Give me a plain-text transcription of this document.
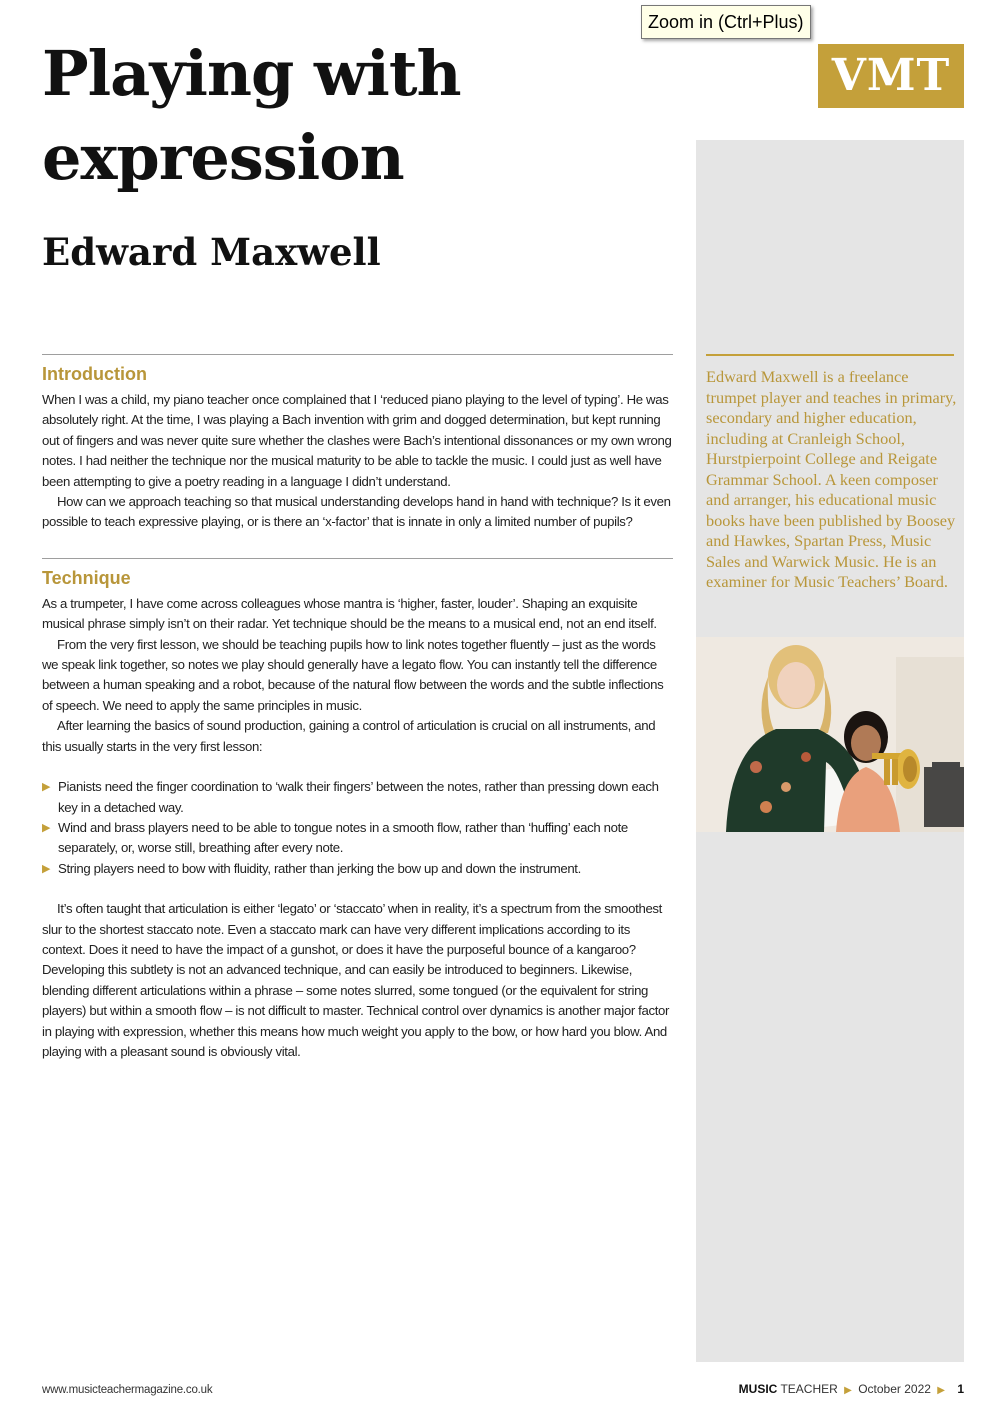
Zoom in (Ctrl+Plus)
Playing with expression
Edward Maxwell
VMT

Edward Maxwell is a freelance trumpet player and teaches in primary, secondary and higher education, including at Cranleigh School, Hurstpierpoint College and Reigate Grammar School. A keen composer and arranger, his educational music books have been published by Boosey and Hawkes, Spartan Press, Music Sales and Warwick Music. He is an examiner for Music Teachers’ Board.

Introduction

When I was a child, my piano teacher once complained that I ‘reduced piano playing to the level of typing’. He was absolutely right. At the time, I was playing a Bach invention with grim and dogged determination, but kept running out of fingers and was never quite sure whether the clashes were Bach’s intentional dissonances or my own wrong notes. I had neither the technique nor the musical maturity to be able to tackle the music. I could just as well have been attempting to give a poetry reading in a language I didn’t understand.

How can we approach teaching so that musical understanding develops hand in hand with technique? Is it even possible to teach expressive playing, or is there an ‘x-factor’ that is innate in only a limited number of pupils?

Technique

As a trumpeter, I have come across colleagues whose mantra is ‘higher, faster, louder’. Shaping an exquisite musical phrase simply isn’t on their radar. Yet technique should be the means to a musical end, not an end itself.

From the very first lesson, we should be teaching pupils how to link notes together fluently – just as the words we speak link together, so notes we play should generally have a legato flow. You can instantly tell the difference between a human speaking and a robot, because of the natural flow between the words and the subtle inflections of speech. We need to apply the same principles in music.

After learning the basics of sound production, gaining a control of articulation is crucial on all instruments, and this usually starts in the very first lesson:

▶ Pianists need the finger coordination to ‘walk their fingers’ between the notes, rather than pressing down each key in a detached way.
▶ Wind and brass players need to be able to tongue notes in a smooth flow, rather than ‘huffing’ each note separately, or, worse still, breathing after every note.
▶ String players need to bow with fluidity, rather than jerking the bow up and down the instrument.

It’s often taught that articulation is either ‘legato’ or ‘staccato’ when in reality, it’s a spectrum from the smoothest slur to the shortest staccato note. Even a staccato mark can have very different implications according to its context. Does it need to have the impact of a gunshot, or does it have the purposeful bounce of a kangaroo? Developing this subtlety is not an advanced technique, and can easily be introduced to beginners. Likewise, blending different articulations within a phrase – some notes slurred, some tongued (or the equivalent for string players) but within a smooth flow – is not difficult to master. Technical control over dynamics is another major factor in playing with expression, whether this means how much weight you apply to the bow, or how hard you blow. And playing with a pleasant sound is obviously vital.

www.musicteachermagazine.co.uk	MUSIC TEACHER ▶ October 2022 ▶ 1
